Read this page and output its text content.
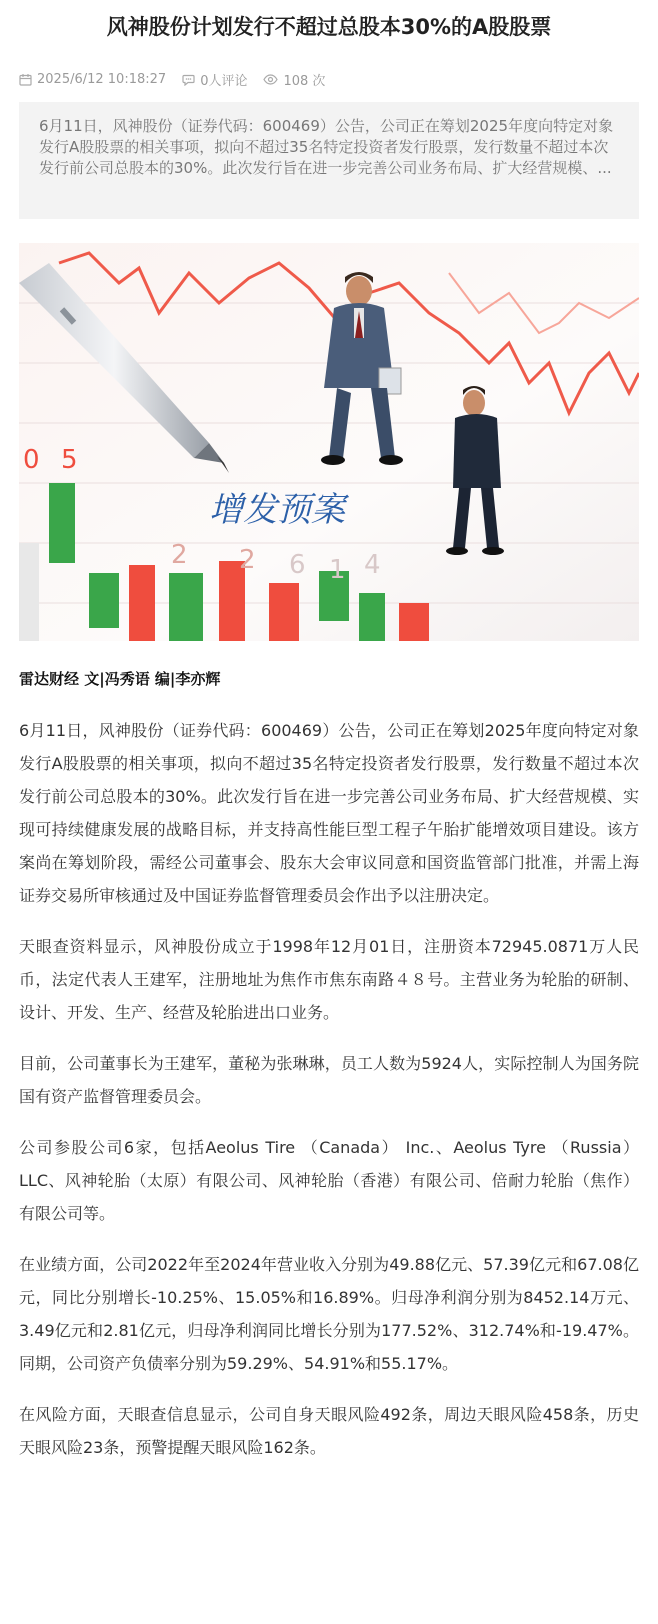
风神股份计划发行不超过总股本30%的A股股票
2025/6/12 10:18:27	0人评论	108 次
6月11日，风神股份（证券代码：600469）公告，公司正在筹划2025年度向特定对象发行A股股票的相关事项，拟向不超过35名特定投资者发行股票，发行数量不超过本次发行前公司总股本的30%。此次发行旨在进一步完善公司业务布局、扩大经营规模、...
0 5
2 2 6 1 4
增发预案
雷达财经 文|冯秀语 编|李亦辉

6月11日，风神股份（证券代码：600469）公告，公司正在筹划2025年度向特定对象发行A股股票的相关事项，拟向不超过35名特定投资者发行股票，发行数量不超过本次发行前公司总股本的30%。此次发行旨在进一步完善公司业务布局、扩大经营规模、实现可持续健康发展的战略目标，并支持高性能巨型工程子午胎扩能增效项目建设。该方案尚在筹划阶段，需经公司董事会、股东大会审议同意和国资监管部门批准，并需上海证券交易所审核通过及中国证券监督管理委员会作出予以注册决定。

天眼查资料显示，风神股份成立于1998年12月01日，注册资本72945.0871万人民币，法定代表人王建军，注册地址为焦作市焦东南路４８号。主营业务为轮胎的研制、设计、开发、生产、经营及轮胎进出口业务。

目前，公司董事长为王建军，董秘为张琳琳，员工人数为5924人，实际控制人为国务院国有资产监督管理委员会。

公司参股公司6家，包括Aeolus Tire （Canada） Inc.、Aeolus Tyre （Russia） LLC、风神轮胎（太原）有限公司、风神轮胎（香港）有限公司、倍耐力轮胎（焦作）有限公司等。

在业绩方面，公司2022年至2024年营业收入分别为49.88亿元、57.39亿元和67.08亿元，同比分别增长-10.25%、15.05%和16.89%。归母净利润分别为8452.14万元、3.49亿元和2.81亿元，归母净利润同比增长分别为177.52%、312.74%和-19.47%。同期，公司资产负债率分别为59.29%、54.91%和55.17%。

在风险方面，天眼查信息显示，公司自身天眼风险492条，周边天眼风险458条，历史天眼风险23条，预警提醒天眼风险162条。
